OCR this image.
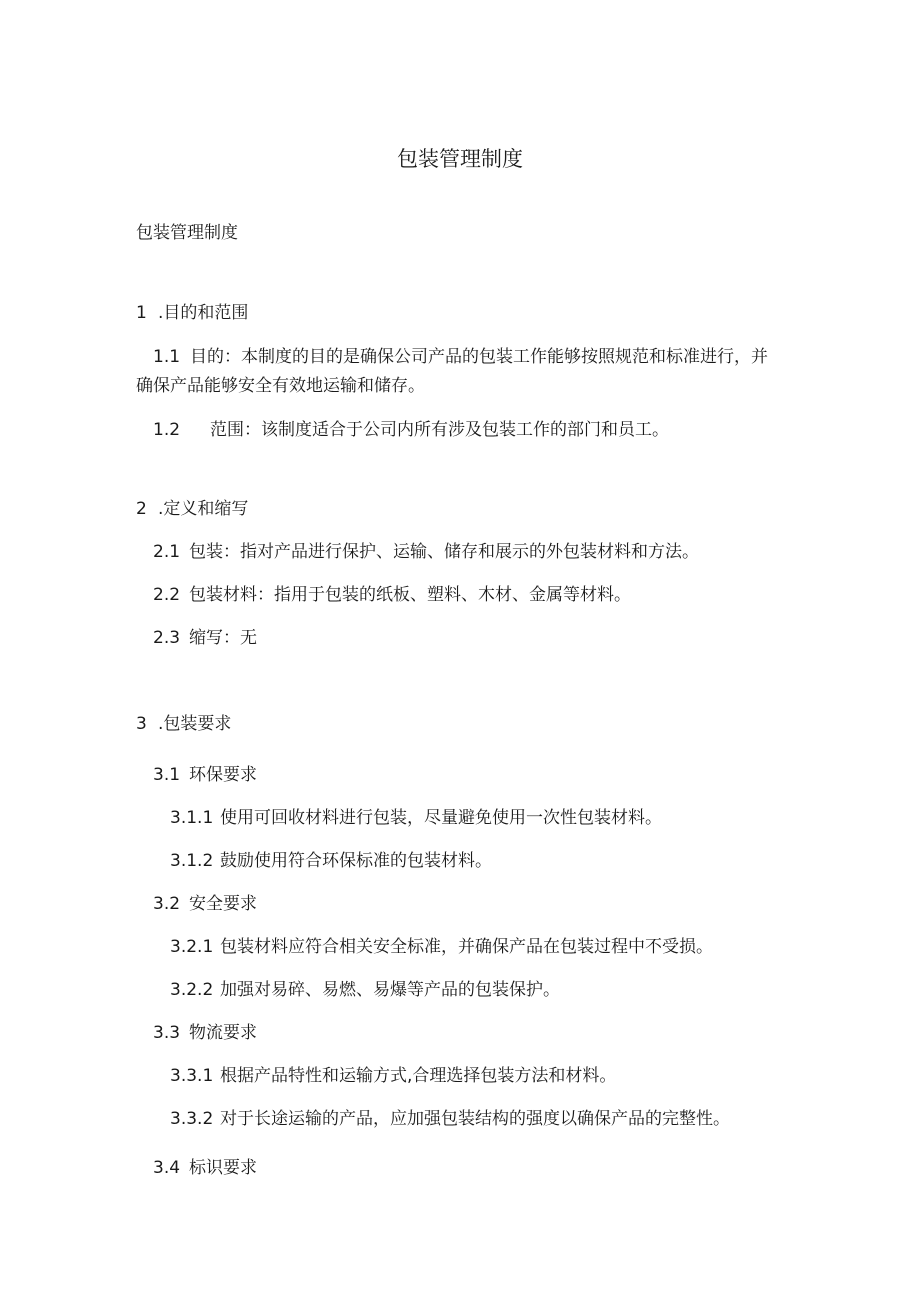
包装管理制度
包装管理制度
1 .目的和范围
1.1 目的：本制度的目的是确保公司产品的包装工作能够按照规范和标准进行，并
确保产品能够安全有效地运输和储存。
1.2 范围：该制度适合于公司内所有涉及包装工作的部门和员工。
2 .定义和缩写
2.1 包装：指对产品进行保护、运输、储存和展示的外包装材料和方法。
2.2 包装材料：指用于包装的纸板、塑料、木材、金属等材料。
2.3 缩写：无
3 .包装要求
3.1 环保要求
3.1.1 使用可回收材料进行包装，尽量避免使用一次性包装材料。
3.1.2 鼓励使用符合环保标准的包装材料。
3.2 安全要求
3.2.1 包装材料应符合相关安全标准，并确保产品在包装过程中不受损。
3.2.2 加强对易碎、易燃、易爆等产品的包装保护。
3.3 物流要求
3.3.1 根据产品特性和运输方式,合理选择包装方法和材料。
3.3.2 对于长途运输的产品，应加强包装结构的强度以确保产品的完整性。
3.4 标识要求
